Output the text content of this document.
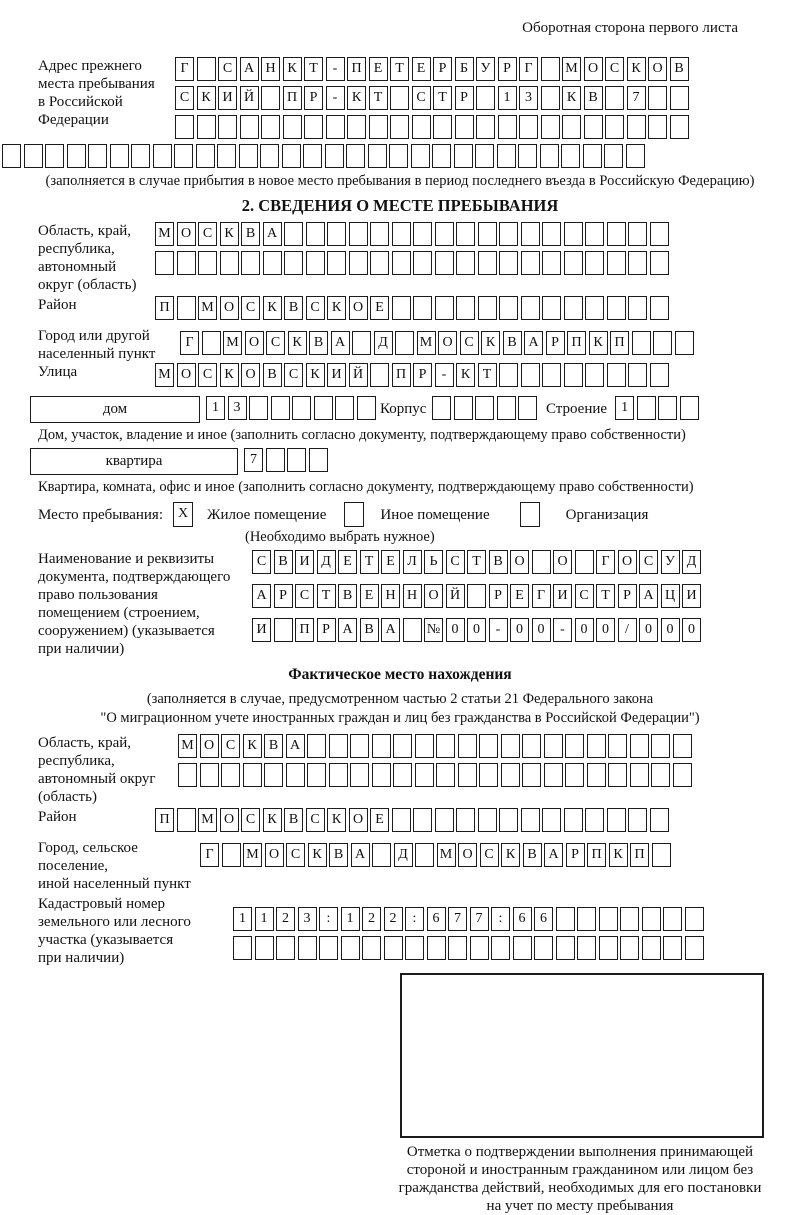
Оборотная сторона первого листа
Адрес прежнего
места пребывания
в Российской
Федерации
Г С А Н К Т - П Е Т Е Р Б У Р Г М О С К О В
С К И Й П Р - К Т С Т Р	1 3 К В 7
(заполняется в случае прибытия в новое место пребывания в период последнего въезда в Российскую Федерацию)
2. СВЕДЕНИЯ О МЕСТЕ ПРЕБЫВАНИЯ
Область, край,
республика,
автономный
округ (область)
М О С К В А
Район	П М О С К В С К О Е
Город или другой
населенный пункт
Г М О С К В А Д М О С К В А Р П К П
Улица	М О С К О В С К И Й П Р - К Т
дом	1 3	Корпус	Строение 1
Дом, участок, владение и иное (заполнить согласно документу, подтверждающему право собственности)
квартира	7
Квартира, комната, офис и иное (заполнить согласно документу, подтверждающему право собственности)
Место пребывания:	X	Жилое помещение	Иное помещение	Организация
(Необходимо выбрать нужное)
Наименование и реквизиты
документа, подтверждающего
право пользования
помещением (строением,
сооружением) (указывается
при наличии)
С В И Д Е Т Е Л Ь С Т В О О Г О С У Д
А Р С Т В Е Н Н О Й Р Е Г И С Т Р А Ц И
И П Р А В А № 0 0 - 0 0 - 0 0 / 0 0 0
Фактическое место нахождения
(заполняется в случае, предусмотренном частью 2 статьи 21 Федерального закона
"О миграционном учете иностранных граждан и лиц без гражданства в Российской Федерации")
Область, край,
республика,
автономный округ
(область)
М О С К В А
Район	П М О С К В С К О Е
Город, сельское поселение,
иной населенный пункт
Г М О С К В А Д М О С К В А Р П К П
Кадастровый номер
земельного или лесного
участка (указывается
при наличии)
1 1 2 3 : 1 2 2 : 6 7 7 : 6 6
Отметка о подтверждении выполнения принимающей
стороной и иностранным гражданином или лицом без
гражданства действий, необходимых для его постановки
на учет по месту пребывания
